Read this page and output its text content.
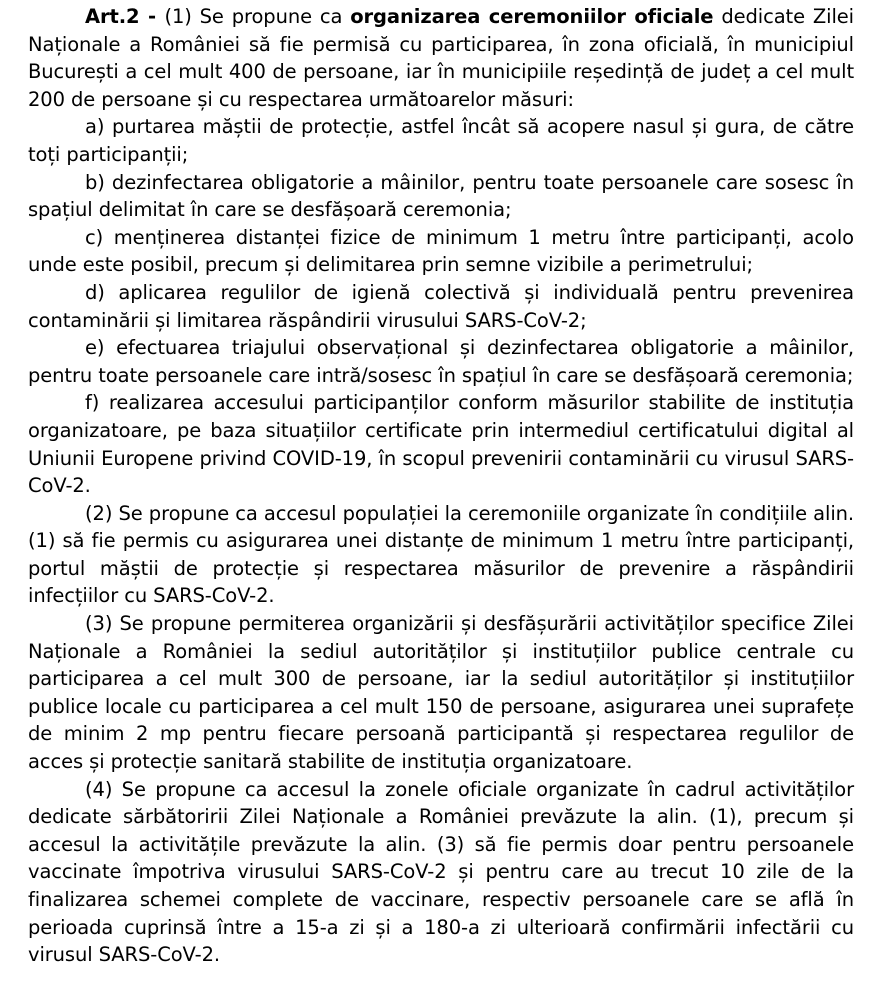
Art.2 - (1) Se propune ca organizarea ceremoniilor oficiale dedicate Zilei Naționale a României să fie permisă cu participarea, în zona oficială, în municipiul București a cel mult 400 de persoane, iar în municipiile reședință de județ a cel mult 200 de persoane și cu respectarea următoarelor măsuri:

a) purtarea măștii de protecție, astfel încât să acopere nasul și gura, de către toți participanții;

b) dezinfectarea obligatorie a mâinilor, pentru toate persoanele care sosesc în spațiul delimitat în care se desfășoară ceremonia;

c) menținerea distanței fizice de minimum 1 metru între participanți, acolo unde este posibil, precum și delimitarea prin semne vizibile a perimetrului;

d) aplicarea regulilor de igienă colectivă și individuală pentru prevenirea contaminării și limitarea răspândirii virusului SARS-CoV-2;

e) efectuarea triajului observațional și dezinfectarea obligatorie a mâinilor, pentru toate persoanele care intră/sosesc în spațiul în care se desfășoară ceremonia;

f) realizarea accesului participanților conform măsurilor stabilite de instituția organizatoare, pe baza situațiilor certificate prin intermediul certificatului digital al Uniunii Europene privind COVID-19, în scopul prevenirii contaminării cu virusul SARS-CoV-2.

(2) Se propune ca accesul populației la ceremoniile organizate în condițiile alin. (1) să fie permis cu asigurarea unei distanțe de minimum 1 metru între participanți, portul măștii de protecție și respectarea măsurilor de prevenire a răspândirii infecțiilor cu SARS-CoV-2.

(3) Se propune permiterea organizării și desfășurării activităților specifice Zilei Naționale a României la sediul autorităților și instituțiilor publice centrale cu participarea a cel mult 300 de persoane, iar la sediul autorităților și instituțiilor publice locale cu participarea a cel mult 150 de persoane, asigurarea unei suprafețe de minim 2 mp pentru fiecare persoană participantă și respectarea regulilor de acces și protecție sanitară stabilite de instituția organizatoare.

(4) Se propune ca accesul la zonele oficiale organizate în cadrul activităților dedicate sărbătoririi Zilei Naționale a României prevăzute la alin. (1), precum și accesul la activitățile prevăzute la alin. (3) să fie permis doar pentru persoanele vaccinate împotriva virusului SARS-CoV-2 și pentru care au trecut 10 zile de la finalizarea schemei complete de vaccinare, respectiv persoanele care se află în perioada cuprinsă între a 15-a zi și a 180-a zi ulterioară confirmării infectării cu virusul SARS-CoV-2.
